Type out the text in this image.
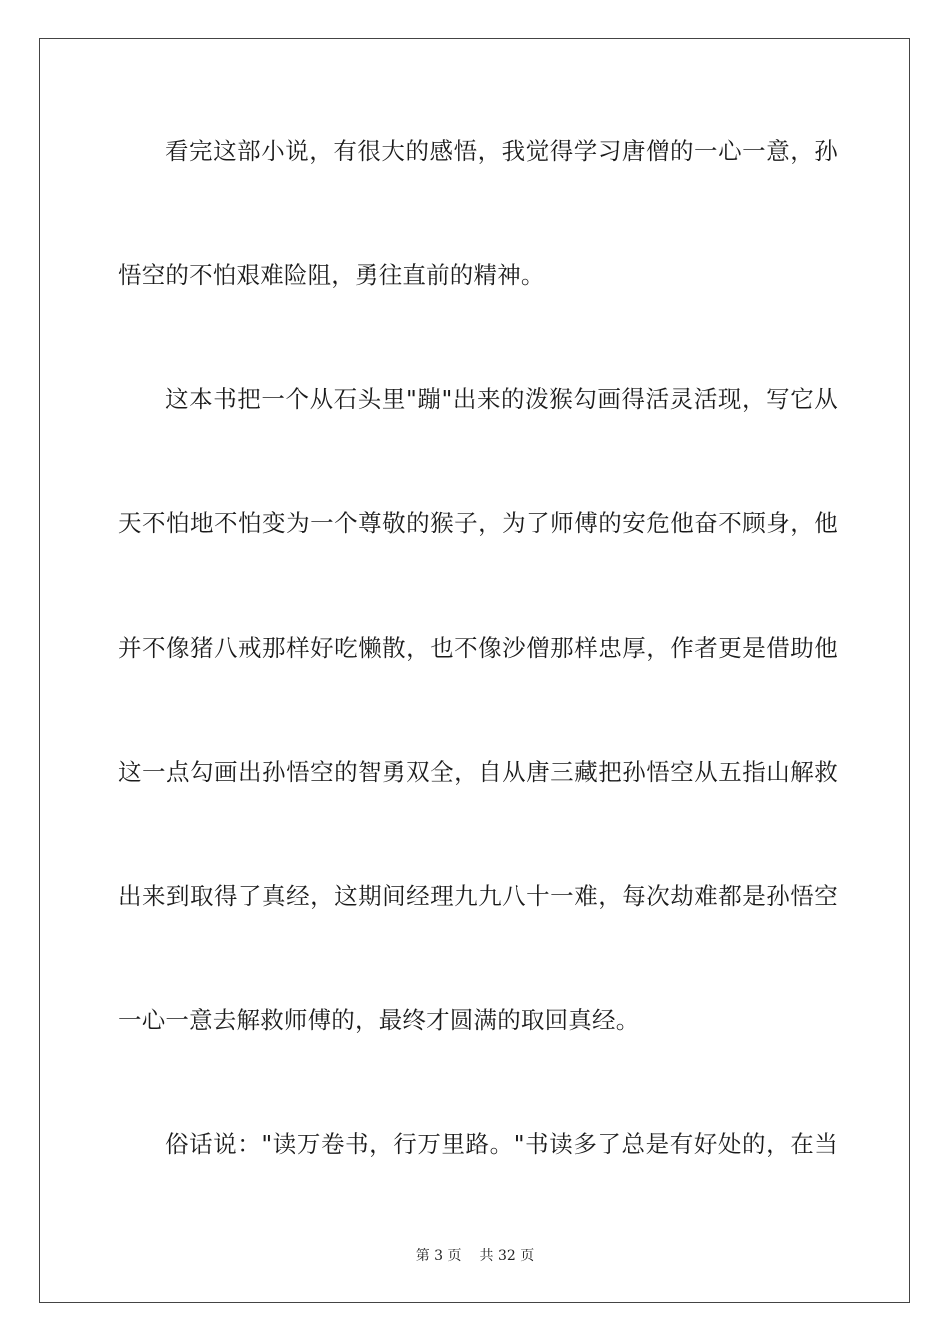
看完这部小说，有很大的感悟，我觉得学习唐僧的一心一意，孙
悟空的不怕艰难险阻，勇往直前的精神。
这本书把一个从石头里"蹦"出来的泼猴勾画得活灵活现，写它从
天不怕地不怕变为一个尊敬的猴子，为了师傅的安危他奋不顾身，他
并不像猪八戒那样好吃懒散，也不像沙僧那样忠厚，作者更是借助他
这一点勾画出孙悟空的智勇双全，自从唐三藏把孙悟空从五指山解救
出来到取得了真经，这期间经理九九八十一难，每次劫难都是孙悟空
一心一意去解救师傅的，最终才圆满的取回真经。
俗话说："读万卷书，行万里路。"书读多了总是有好处的，在当
第 3 页 共 32 页
